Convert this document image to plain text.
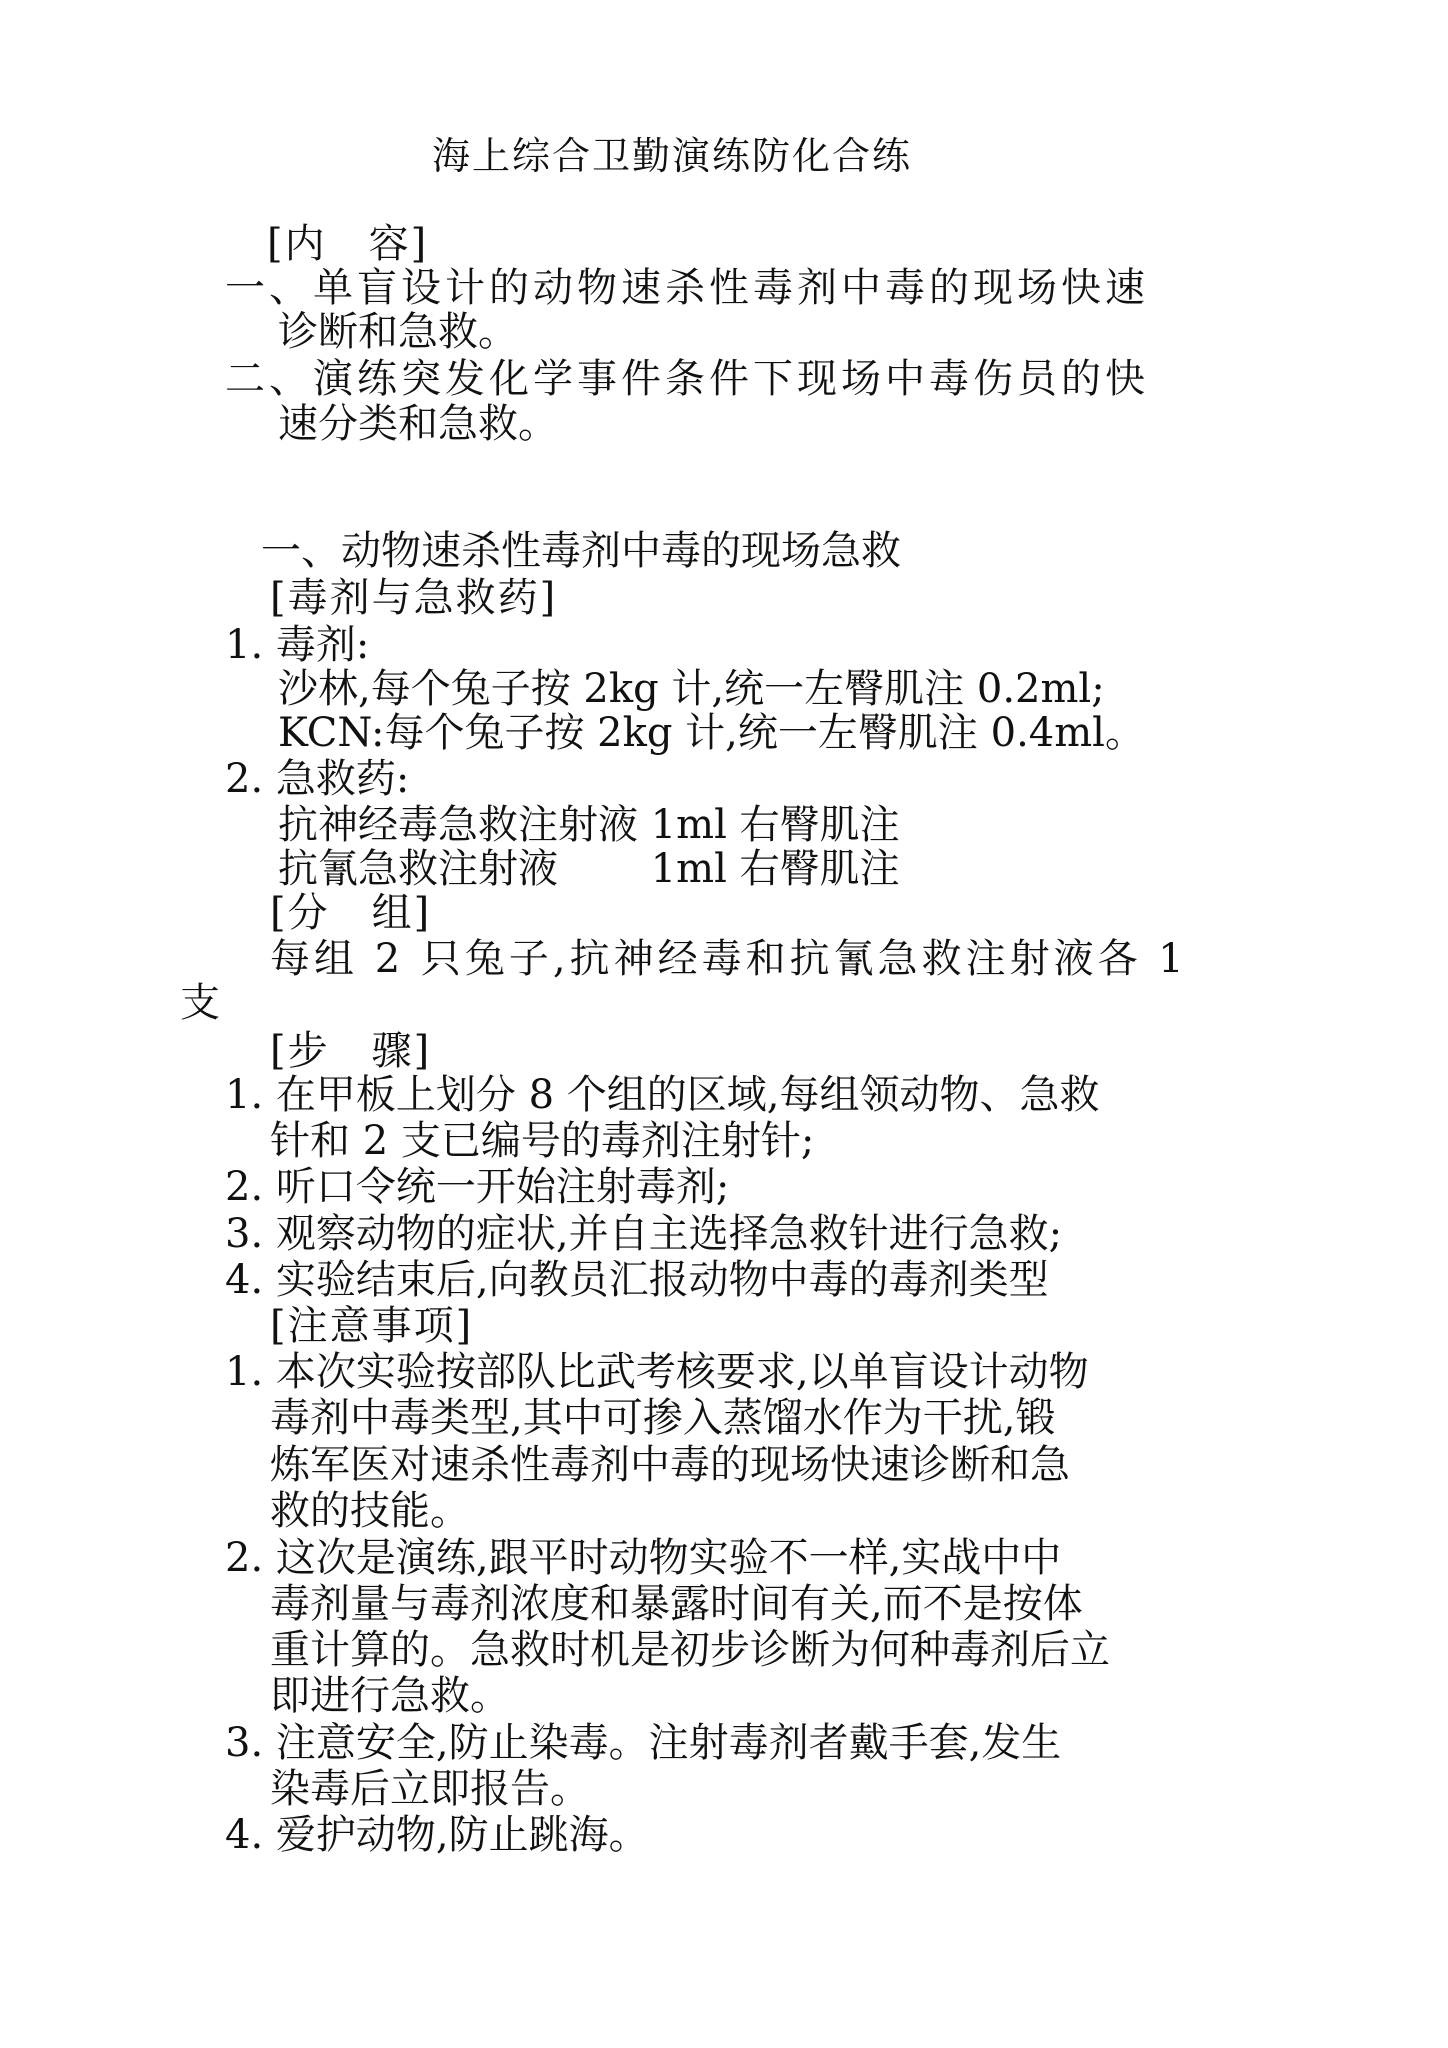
海上综合卫勤演练防化合练
[内　容]
一、单盲设计的动物速杀性毒剂中毒的现场快速
诊断和急救。
二、演练突发化学事件条件下现场中毒伤员的快
速分类和急救。
一、动物速杀性毒剂中毒的现场急救
[毒剂与急救药]
1. 毒剂:
沙林,每个兔子按 2kg 计,统一左臀肌注 0.2ml;
KCN:每个兔子按 2kg 计,统一左臀肌注 0.4ml。
2. 急救药:
抗神经毒急救注射液 1ml 右臀肌注
抗氰急救注射液　　 1ml 右臀肌注
[分　组]
每组 2 只兔子,抗神经毒和抗氰急救注射液各 1
支
[步　骤]
1. 在甲板上划分 8 个组的区域,每组领动物、急救
针和 2 支已编号的毒剂注射针;
2. 听口令统一开始注射毒剂;
3. 观察动物的症状,并自主选择急救针进行急救;
4. 实验结束后,向教员汇报动物中毒的毒剂类型
[注意事项]
1. 本次实验按部队比武考核要求,以单盲设计动物
毒剂中毒类型,其中可掺入蒸馏水作为干扰,锻
炼军医对速杀性毒剂中毒的现场快速诊断和急
救的技能。
2. 这次是演练,跟平时动物实验不一样,实战中中
毒剂量与毒剂浓度和暴露时间有关,而不是按体
重计算的。急救时机是初步诊断为何种毒剂后立
即进行急救。
3. 注意安全,防止染毒。注射毒剂者戴手套,发生
染毒后立即报告。
4. 爱护动物,防止跳海。
